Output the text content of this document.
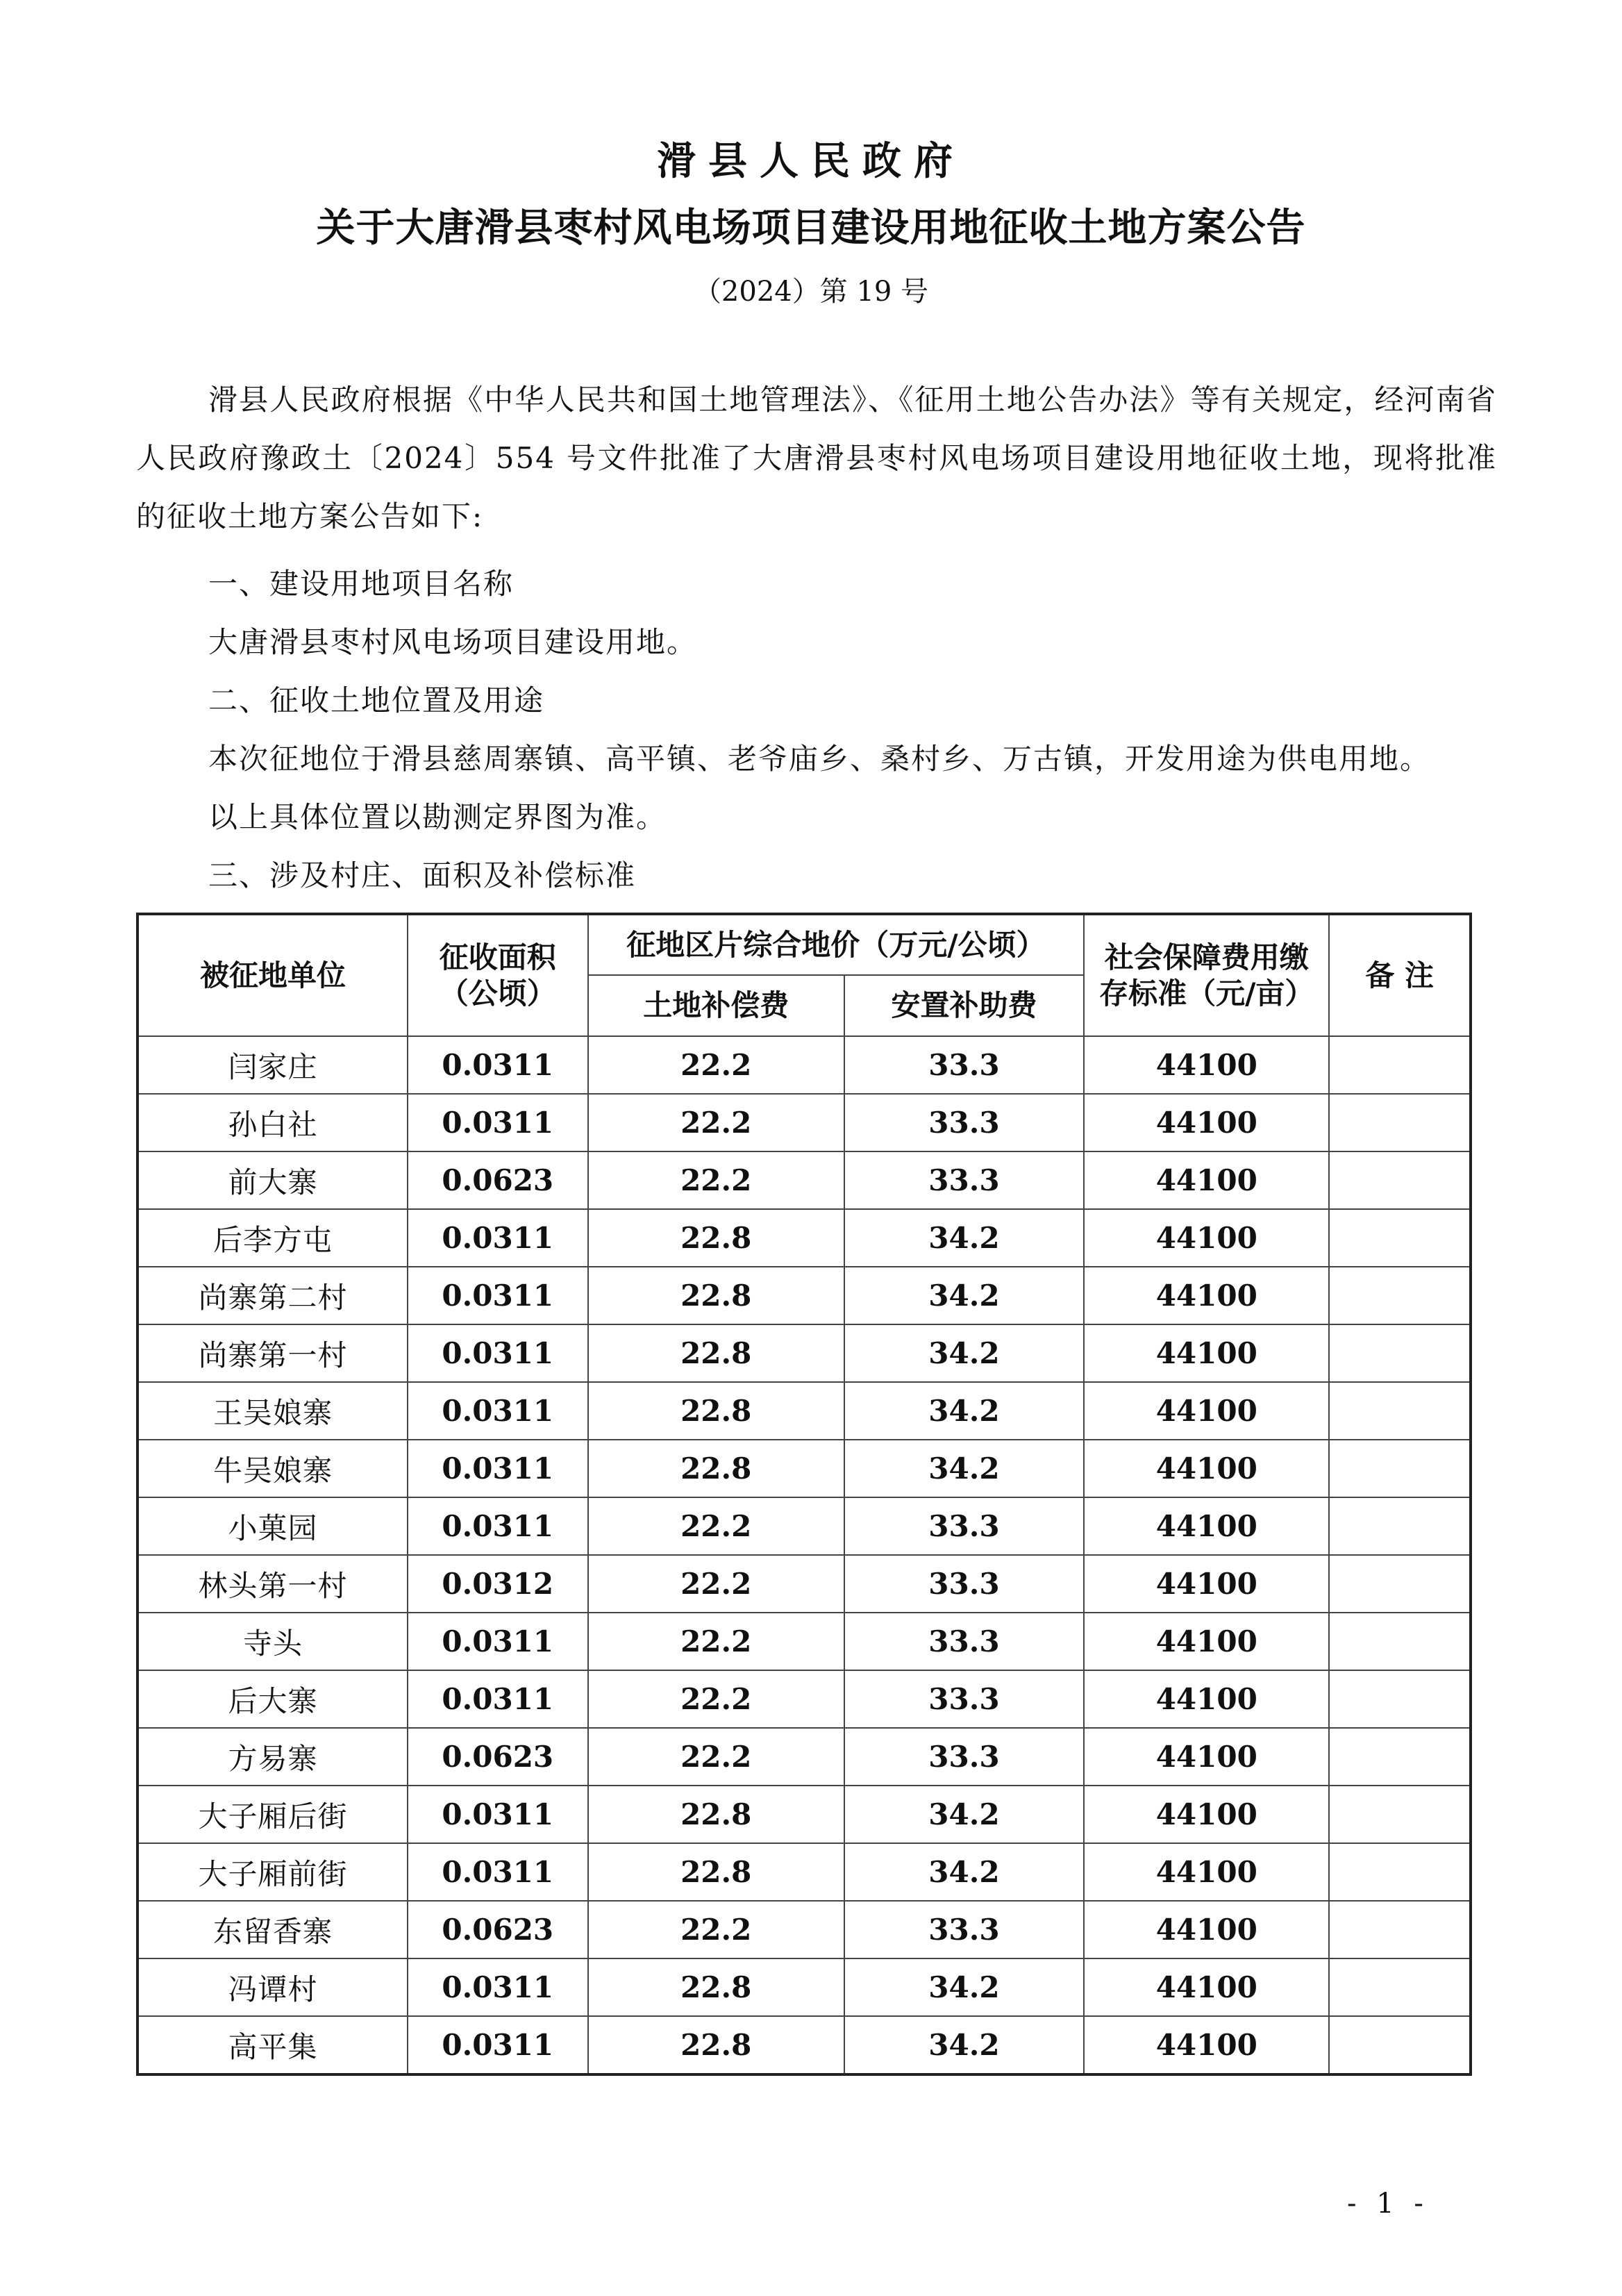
滑县人民政府
关于大唐滑县枣村风电场项目建设用地征收土地方案公告
（2024）第 19 号
滑县人民政府根据《中华人民共和国土地管理法》、《征用土地公告办法》等有关规定，经河南省人民政府豫政土〔2024〕554 号文件批准了大唐滑县枣村风电场项目建设用地征收土地，现将批准的征收土地方案公告如下:
一、建设用地项目名称
大唐滑县枣村风电场项目建设用地。
二、征收土地位置及用途
本次征地位于滑县慈周寨镇、高平镇、老爷庙乡、桑村乡、万古镇，开发用途为供电用地。
以上具体位置以勘测定界图为准。
三、涉及村庄、面积及补偿标准
被征地单位	征收面积（公顷）	征地区片综合地价（万元/公顷）		社会保障费用缴存标准（元/亩）	备 注
		土地补偿费	安置补助费		
闫家庄	0.0311	22.2	33.3	44100	
孙白社	0.0311	22.2	33.3	44100	
前大寨	0.0623	22.2	33.3	44100	
后李方屯	0.0311	22.8	34.2	44100	
尚寨第二村	0.0311	22.8	34.2	44100	
尚寨第一村	0.0311	22.8	34.2	44100	
王吴娘寨	0.0311	22.8	34.2	44100	
牛吴娘寨	0.0311	22.8	34.2	44100	
小菓园	0.0311	22.2	33.3	44100	
林头第一村	0.0312	22.2	33.3	44100	
寺头	0.0311	22.2	33.3	44100	
后大寨	0.0311	22.2	33.3	44100	
方易寨	0.0623	22.2	33.3	44100	
大子厢后街	0.0311	22.8	34.2	44100	
大子厢前街	0.0311	22.8	34.2	44100	
东留香寨	0.0623	22.2	33.3	44100	
冯谭村	0.0311	22.8	34.2	44100	
高平集	0.0311	22.8	34.2	44100	
- 1 -
